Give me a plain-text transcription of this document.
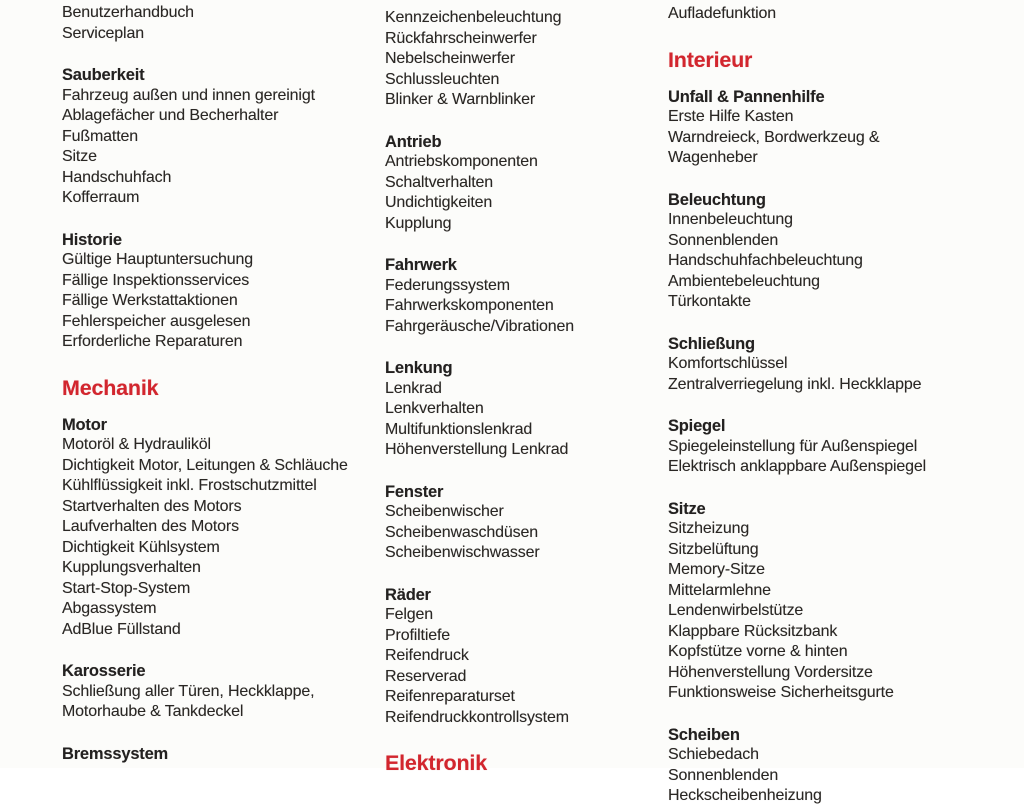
Benutzerhandbuch
Serviceplan
Sauberkeit
Fahrzeug außen und innen gereinigt
Ablagefächer und Becherhalter
Fußmatten
Sitze
Handschuhfach
Kofferraum
Historie
Gültige Hauptuntersuchung
Fällige Inspektionsservices
Fällige Werkstattaktionen
Fehlerspeicher ausgelesen
Erforderliche Reparaturen
Mechanik
Motor
Motoröl & Hydrauliköl
Dichtigkeit Motor, Leitungen & Schläuche
Kühlflüssigkeit inkl. Frostschutzmittel
Startverhalten des Motors
Laufverhalten des Motors
Dichtigkeit Kühlsystem
Kupplungsverhalten
Start-Stop-System
Abgassystem
AdBlue Füllstand
Karosserie
Schließung aller Türen, Heckklappe, Motorhaube & Tankdeckel
Bremssystem
Kennzeichenbeleuchtung
Rückfahrscheinwerfer
Nebelscheinwerfer
Schlussleuchten
Blinker & Warnblinker
Antrieb
Antriebskomponenten
Schaltverhalten
Undichtigkeiten
Kupplung
Fahrwerk
Federungssystem
Fahrwerkskomponenten
Fahrgeräusche/Vibrationen
Lenkung
Lenkrad
Lenkverhalten
Multifunktionslenkrad
Höhenverstellung Lenkrad
Fenster
Scheibenwischer
Scheibenwaschdüsen
Scheibenwischwasser
Räder
Felgen
Profiltiefe
Reifendruck
Reserverad
Reifenreparaturset
Reifendruckkontrollsystem
Elektronik
Aufladefunktion
Interieur
Unfall & Pannenhilfe
Erste Hilfe Kasten
Warndreieck, Bordwerkzeug & Wagenheber
Beleuchtung
Innenbeleuchtung
Sonnenblenden
Handschuhfachbeleuchtung
Ambientebeleuchtung
Türkontakte
Schließung
Komfortschlüssel
Zentralverriegelung inkl. Heckklappe
Spiegel
Spiegeleinstellung für Außenspiegel
Elektrisch anklappbare Außenspiegel
Sitze
Sitzheizung
Sitzbelüftung
Memory-Sitze
Mittelarmlehne
Lendenwirbelstütze
Klappbare Rücksitzbank
Kopfstütze vorne & hinten
Höhenverstellung Vordersitze
Funktionsweise Sicherheitsgurte
Scheiben
Schiebedach
Sonnenblenden
Heckscheibenheizung
